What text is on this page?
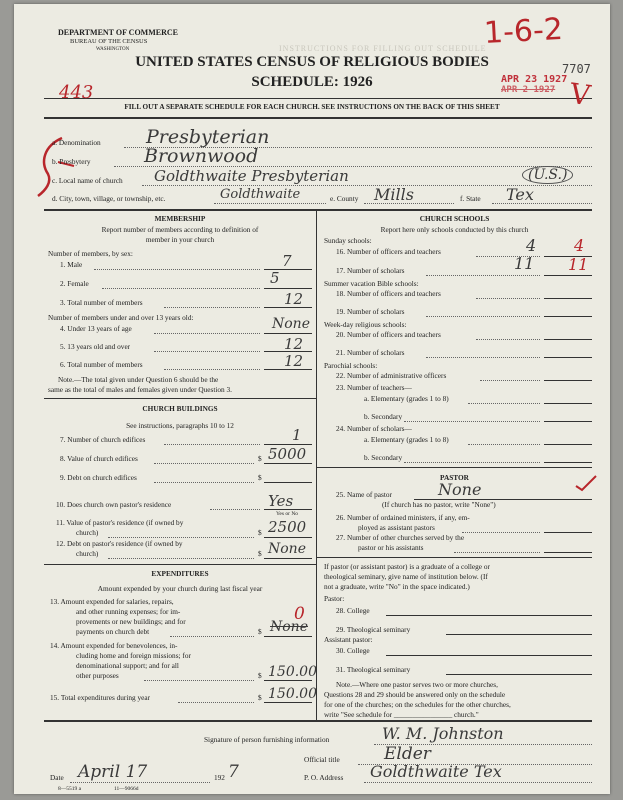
INSTRUCTIONS FOR FILLING OUT SCHEDULE
DEPARTMENT OF COMMERCE
BUREAU OF THE CENSUS
WASHINGTON
UNITED STATES CENSUS OF RELIGIOUS BODIES
SCHEDULE: 1926
FILL OUT A SEPARATE SCHEDULE FOR EACH CHURCH. SEE INSTRUCTIONS ON THE BACK OF THIS SHEET
1-6-2
443
7707
APR 23 1927
APR 2 1927 V
a. Denomination Presbyterian
b. Presbytery	Brownwood
c. Local name of church Goldthwaite Presbyterian	(U.S.)
d. City, town, village, or township, etc.	Goldthwaite	e. County Mills	f. State Tex
MEMBERSHIP
Report number of members according to definition of
member in your church
Number of members, by sex:
1. Male	7
2. Female	5
3. Total number of members	12
Number of members under and over 13 years old:
4. Under 13 years of age	None
5. 13 years old and over	12
6. Total number of members	12
Note.—The total given under Question 6 should be the
same as the total of males and females given under Question 3.
CHURCH BUILDINGS
See instructions, paragraphs 10 to 12
7. Number of church edifices	1
8. Value of church edifices	$ 5000
9. Debt on church edifices	$
10. Does church own pastor's residence	Yes
Yes or No
11. Value of pastor's residence (if owned by
church)	$ 2500
12. Debt on pastor's residence (if owned by
church)	$ None
EXPENDITURES
Amount expended by your church during last fiscal year
13. Amount expended for salaries, repairs,
and other running expenses; for im-
provements or new buildings; and for
payments on church debt	$ None
0
14. Amount expended for benevolences, in-
cluding home and foreign missions; for
denominational support; and for all
other purposes	$ 150.00
15. Total expenditures during year	$ 150.00
CHURCH SCHOOLS
Report here only schools conducted by this church
Sunday schools:
16. Number of officers and teachers	4 4
17. Number of scholars	11 11
Summer vacation Bible schools:
18. Number of officers and teachers
19. Number of scholars
Week-day religious schools:
20. Number of officers and teachers
21. Number of scholars
Parochial schools:
22. Number of administrative officers
23. Number of teachers—
a. Elementary (grades 1 to 8)
b. Secondary
24. Number of scholars—
a. Elementary (grades 1 to 8)
b. Secondary
PASTOR
25. Name of pastor	None
(If church has no pastor, write "None")
26. Number of ordained ministers, if any, em-
ployed as assistant pastors
27. Number of other churches served by the
pastor or his assistants
If pastor (or assistant pastor) is a graduate of a college or
theological seminary, give name of institution below. (If
not a graduate, write "No" in the space indicated.)
Pastor:
28. College
29. Theological seminary
Assistant pastor:
30. College
31. Theological seminary
Note.—Where one pastor serves two or more churches,
Questions 28 and 29 should be answered only on the schedule
for one of the churches; on the schedules for the other churches,
write "See schedule for ________________ church."
Signature of person furnishing information	W. M. Johnston
Official title	Elder
Date April 17	192 7	P. O. Address Goldthwaite Tex
8—5519 a	11—9066d
